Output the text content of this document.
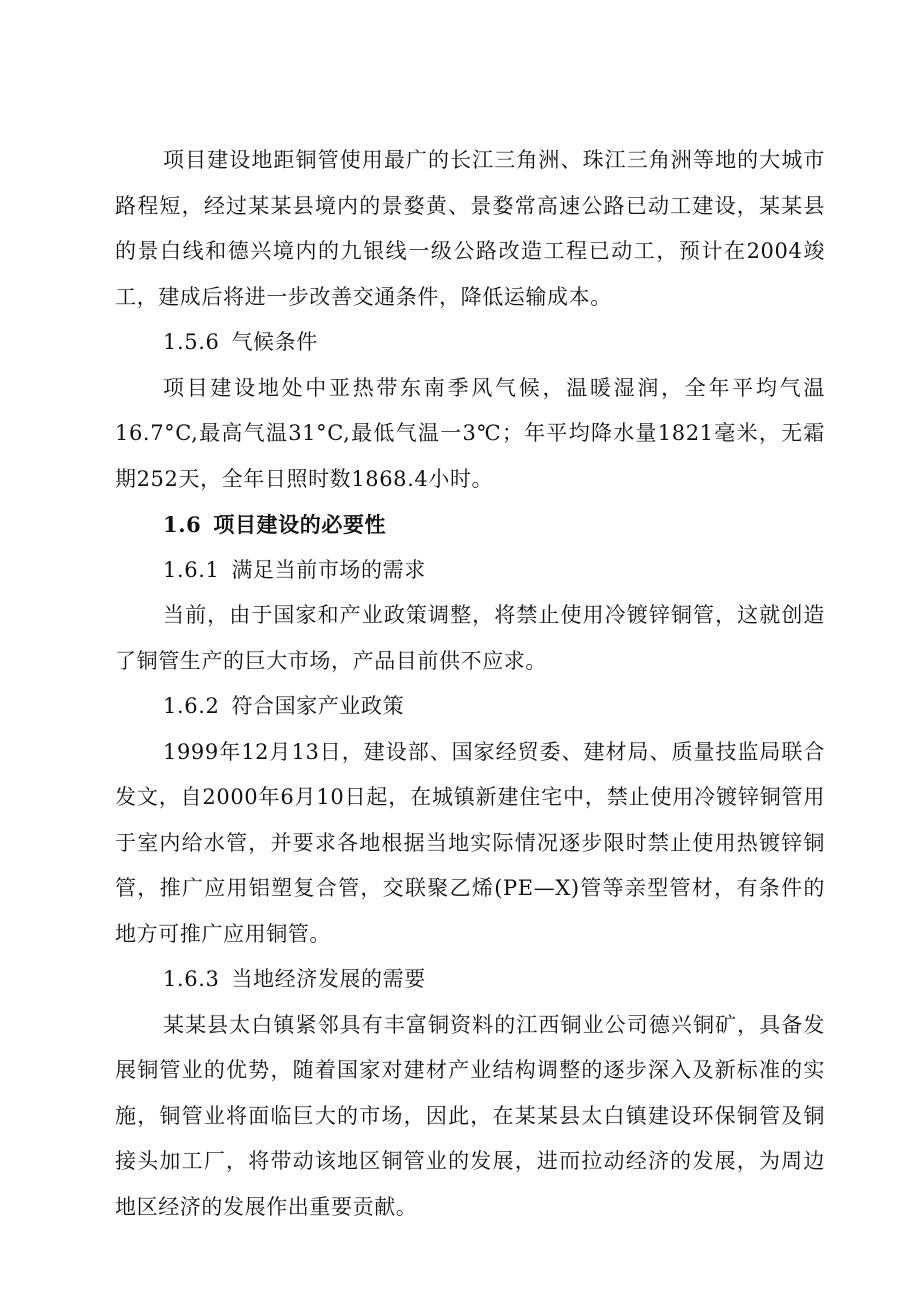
项目建设地距铜管使用最广的长江三角洲、珠江三角洲等地的大城市路程短，经过某某县境内的景婺黄、景婺常高速公路已动工建设，某某县的景白线和德兴境内的九银线一级公路改造工程已动工，预计在2004竣工，建成后将进一步改善交通条件，降低运输成本。

1.5.6 气候条件

项目建设地处中亚热带东南季风气候，温暖湿润，全年平均气温16.7°C,最高气温31°C,最低气温一3℃；年平均降水量1821毫米，无霜期252天，全年日照时数1868.4小时。

1.6 项目建设的必要性
1.6.1 满足当前市场的需求

当前，由于国家和产业政策调整，将禁止使用冷镀锌铜管，这就创造了铜管生产的巨大市场，产品目前供不应求。

1.6.2 符合国家产业政策

1999年12月13日，建设部、国家经贸委、建材局、质量技监局联合发文，自2000年6月10日起，在城镇新建住宅中，禁止使用冷镀锌铜管用于室内给水管，并要求各地根据当地实际情况逐步限时禁止使用热镀锌铜管，推广应用铝塑复合管，交联聚乙烯(PE—X)管等亲型管材，有条件的地方可推广应用铜管。

1.6.3 当地经济发展的需要

某某县太白镇紧邻具有丰富铜资料的江西铜业公司德兴铜矿，具备发展铜管业的优势，随着国家对建材产业结构调整的逐步深入及新标准的实施，铜管业将面临巨大的市场，因此，在某某县太白镇建设环保铜管及铜接头加工厂，将带动该地区铜管业的发展，进而拉动经济的发展，为周边地区经济的发展作出重要贡献。
